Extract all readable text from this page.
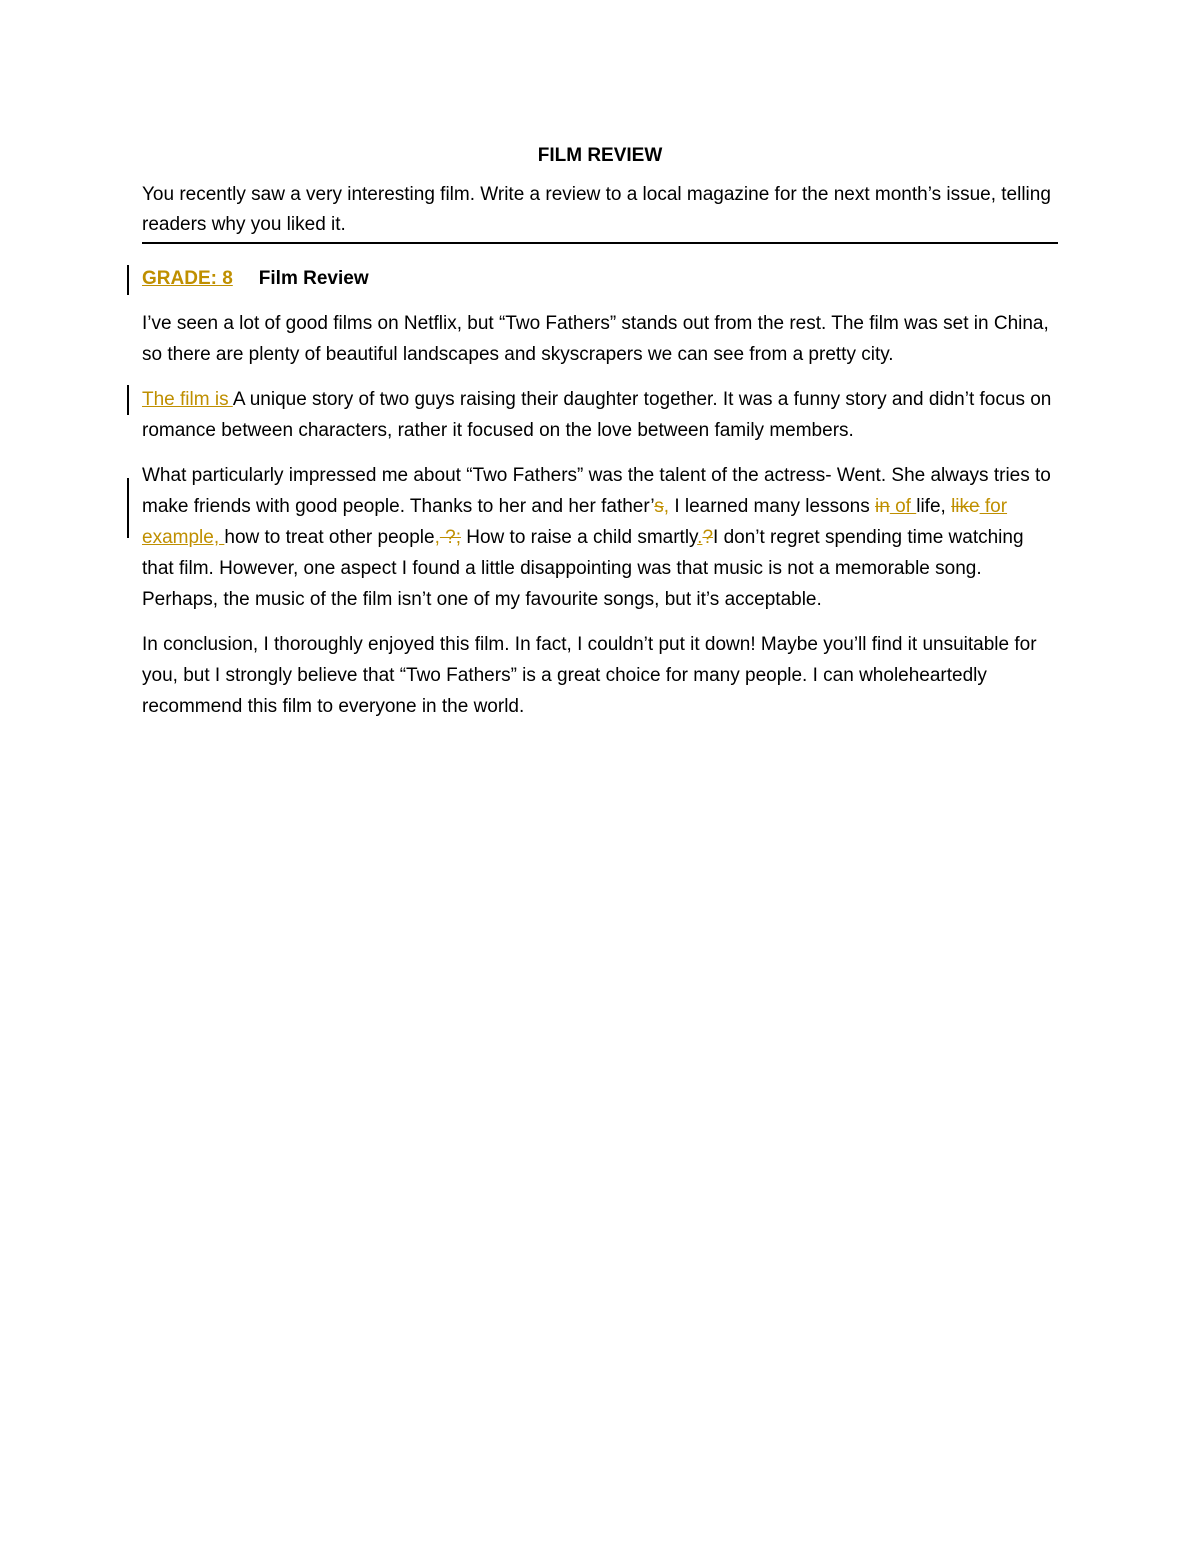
FILM REVIEW
You recently saw a very interesting film. Write a review to a local magazine for the next month’s issue, telling readers why you liked it.
GRADE: 8 Film Review

I’ve seen a lot of good films on Netflix, but “Two Fathers” stands out from the rest. The film was set in China, so there are plenty of beautiful landscapes and skyscrapers we can see from a pretty city.

The film is A unique story of two guys raising their daughter together. It was a funny story and didn’t focus on romance between characters, rather it focused on the love between family members.

What particularly impressed me about “Two Fathers” was the talent of the actress- Went. She always tries to make friends with good people. Thanks to her and her father’s, I learned many lessons in of life, like for example, how to treat other people, ?; How to raise a child smartly.?I don’t regret spending time watching that film. However, one aspect I found a little disappointing was that music is not a memorable song. Perhaps, the music of the film isn’t one of my favourite songs, but it’s acceptable.

In conclusion, I thoroughly enjoyed this film. In fact, I couldn’t put it down! Maybe you’ll find it unsuitable for you, but I strongly believe that “Two Fathers” is a great choice for many people. I can wholeheartedly recommend this film to everyone in the world.
